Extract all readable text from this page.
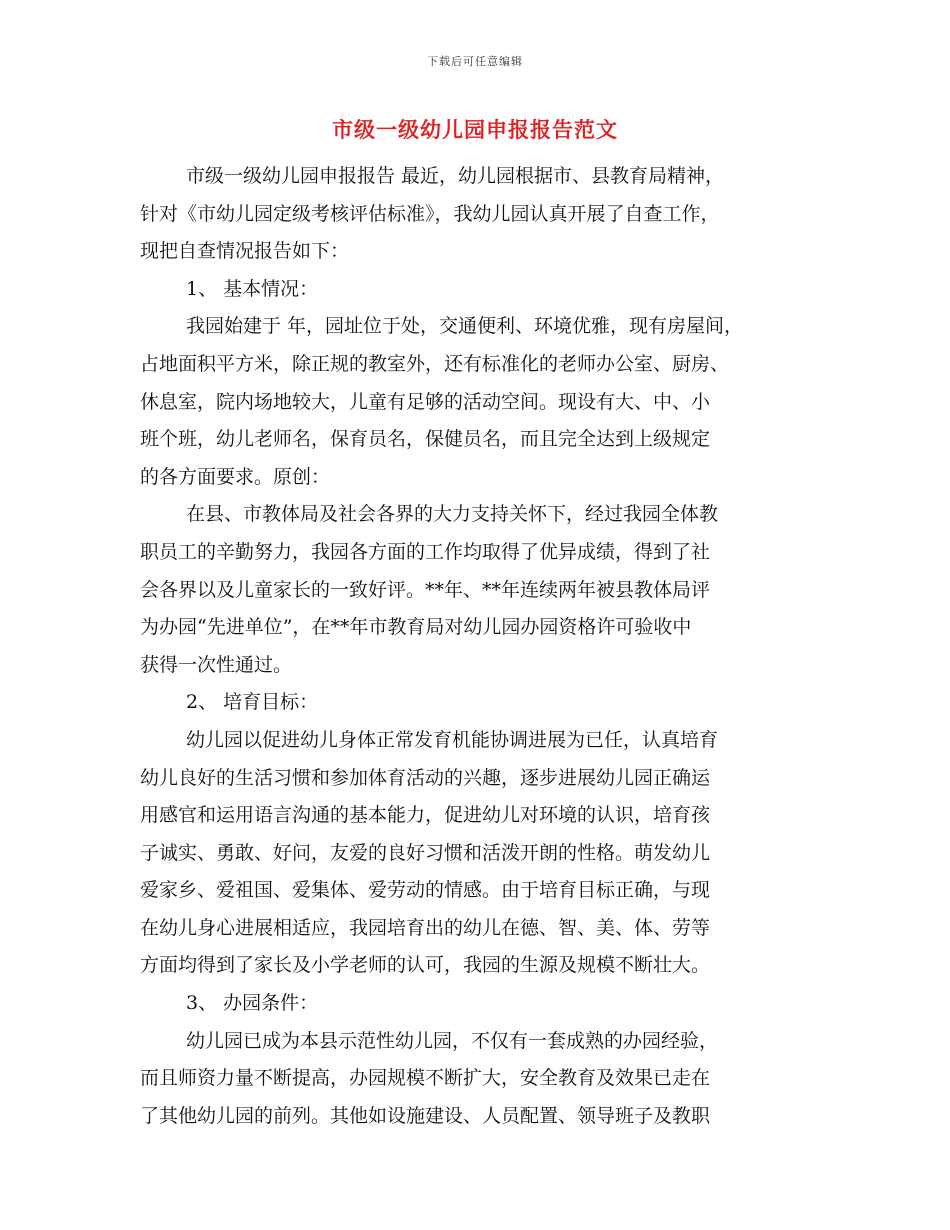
下载后可任意编辑
市级一级幼儿园申报报告范文
市级一级幼儿园申报报告 最近，幼儿园根据市、县教育局精神，
针对《市幼儿园定级考核评估标准》，我幼儿园认真开展了自查工作，
现把自查情况报告如下：
1、 基本情况：
我园始建于 年，园址位于处，交通便利、环境优雅，现有房屋间，
占地面积平方米，除正规的教室外，还有标准化的老师办公室、厨房、
休息室，院内场地较大，儿童有足够的活动空间。现设有大、中、小
班个班，幼儿老师名，保育员名，保健员名，而且完全达到上级规定
的各方面要求。原创：
在县、市教体局及社会各界的大力支持关怀下，经过我园全体教
职员工的辛勤努力，我园各方面的工作均取得了优异成绩，得到了社
会各界以及儿童家长的一致好评。**年、**年连续两年被县教体局评
为办园“先进单位”，在**年市教育局对幼儿园办园资格许可验收中
获得一次性通过。
2、 培育目标：
幼儿园以促进幼儿身体正常发育机能协调进展为已任，认真培育
幼儿良好的生活习惯和参加体育活动的兴趣，逐步进展幼儿园正确运
用感官和运用语言沟通的基本能力，促进幼儿对环境的认识，培育孩
子诚实、勇敢、好问，友爱的良好习惯和活泼开朗的性格。萌发幼儿
爱家乡、爱祖国、爱集体、爱劳动的情感。由于培育目标正确，与现
在幼儿身心进展相适应，我园培育出的幼儿在德、智、美、体、劳等
方面均得到了家长及小学老师的认可，我园的生源及规模不断壮大。
3、 办园条件：
幼儿园已成为本县示范性幼儿园，不仅有一套成熟的办园经验，
而且师资力量不断提高，办园规模不断扩大，安全教育及效果已走在
了其他幼儿园的前列。其他如设施建设、人员配置、领导班子及教职
